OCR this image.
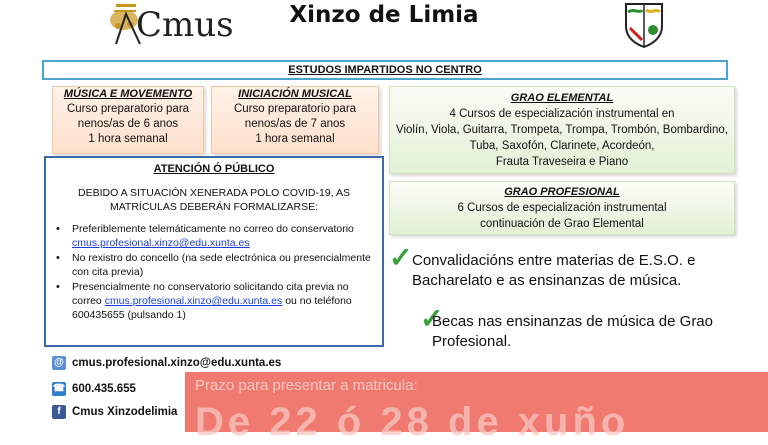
Cmus	Xinzo de Limia
ESTUDOS IMPARTIDOS NO CENTRO
MÚSICA E MOVEMENTO
Curso preparatorio para
nenos/as de 6 anos
1 hora semanal
INICIACIÓN MUSICAL
Curso preparatorio para
nenos/as de 7 anos
1 hora semanal
GRAO ELEMENTAL
4 Cursos de especialización instrumental en
Violín, Viola, Guitarra, Trompeta, Trompa, Trombón, Bombardino,
Tuba, Saxofón, Clarinete, Acordeón,
Frauta Traveseira e Piano
GRAO PROFESIONAL
6 Cursos de especialización instrumental
continuación de Grao Elemental
ATENCIÓN Ó PÚBLICO
DEBIDO A SITUACIÓN XENERADA POLO COVID-19, AS MATRÍCULAS DEBERÁN FORMALIZARSE:
• Preferiblemente telemáticamente no correo do conservatorio cmus.profesional.xinzo@edu.xunta.es
• No rexistro do concello (na sede electrónica ou presencialmente con cita previa)
• Presencialmente no conservatorio solicitando cita previa no correo cmus.profesional.xinzo@edu.xunta.es ou no teléfono 600435655 (pulsando 1)
✓ Convalidacións entre materias de E.S.O. e Bacharelato e as ensinanzas de música.
✓
Becas nas ensinanzas de música de Grao Profesional.
@ cmus.profesional.xinzo@edu.xunta.es
☎ 600.435.655
f Cmus Xinzodelimia
Prazo para presentar a matricula:
De 22 ó 28 de xuño
